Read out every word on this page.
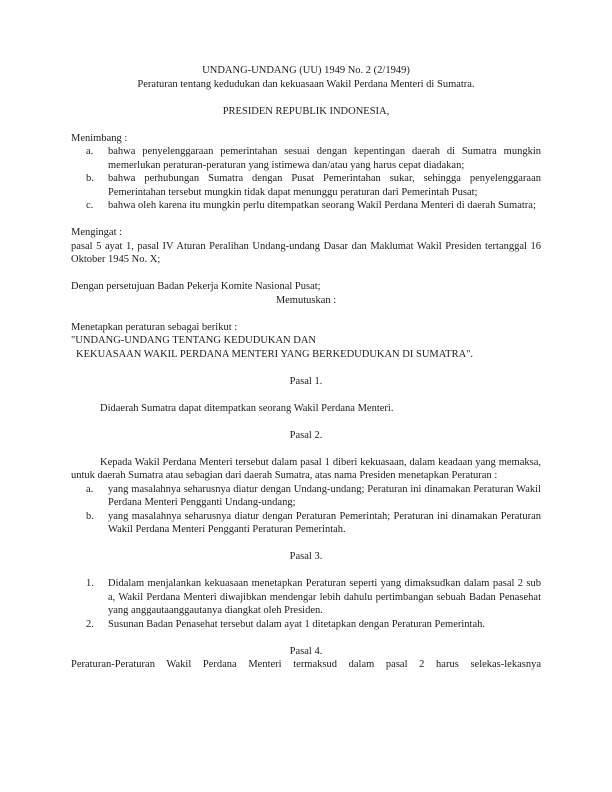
UNDANG-UNDANG (UU) 1949 No. 2 (2/1949)
Peraturan tentang kedudukan dan kekuasaan Wakil Perdana Menteri di Sumatra.
PRESIDEN REPUBLIK INDONESIA,
Menimbang :
a.	bahwa penyelenggaraan pemerintahan sesuai dengan kepentingan daerah di Sumatra mungkin memerlukan peraturan-peraturan yang istimewa dan/atau yang harus cepat diadakan;
b.	bahwa perhubungan Sumatra dengan Pusat Pemerintahan sukar, sehingga penyelenggaraan Pemerintahan tersebut mungkin tidak dapat menunggu peraturan dari Pemerintah Pusat;
c.	bahwa oleh karena itu mungkin perlu ditempatkan seorang Wakil Perdana Menteri di daerah Sumatra;
Mengingat :
pasal 5 ayat 1, pasal IV Aturan Peralihan Undang-undang Dasar dan Maklumat Wakil Presiden tertanggal 16 Oktober 1945 No. X;
Dengan persetujuan Badan Pekerja Komite Nasional Pusat;
Memutuskan :
Menetapkan peraturan sebagai berikut :
"UNDANG-UNDANG TENTANG KEDUDUKAN DAN
KEKUASAAN WAKIL PERDANA MENTERI YANG BERKEDUDUKAN DI SUMATRA".
Pasal 1.
Didaerah Sumatra dapat ditempatkan seorang Wakil Perdana Menteri.
Pasal 2.
Kepada Wakil Perdana Menteri tersebut dalam pasal 1 diberi kekuasaan, dalam keadaan yang memaksa, untuk daerah Sumatra atau sebagian dari daerah Sumatra, atas nama Presiden menetapkan Peraturan :
a.	yang masalahnya seharusnya diatur dengan Undang-undang; Peraturan ini dinamakan Peraturan Wakil Perdana Menteri Pengganti Undang-undang;
b.	yang masalahnya seharusnya diatur dengan Peraturan Pemerintah; Peraturan ini dinamakan Peraturan Wakil Perdana Menteri Pengganti Peraturan Pemerintah.
Pasal 3.
1.	Didalam menjalankan kekuasaan menetapkan Peraturan seperti yang dimaksudkan dalam pasal 2 sub a, Wakil Perdana Menteri diwajibkan mendengar lebih dahulu pertimbangan sebuah Badan Penasehat yang anggautaanggautanya diangkat oleh Presiden.
2.	Susunan Badan Penasehat tersebut dalam ayat 1 ditetapkan dengan Peraturan Pemerintah.
Pasal 4.
Peraturan-Peraturan Wakil Perdana Menteri termaksud dalam pasal 2 harus selekas-lekasnya
